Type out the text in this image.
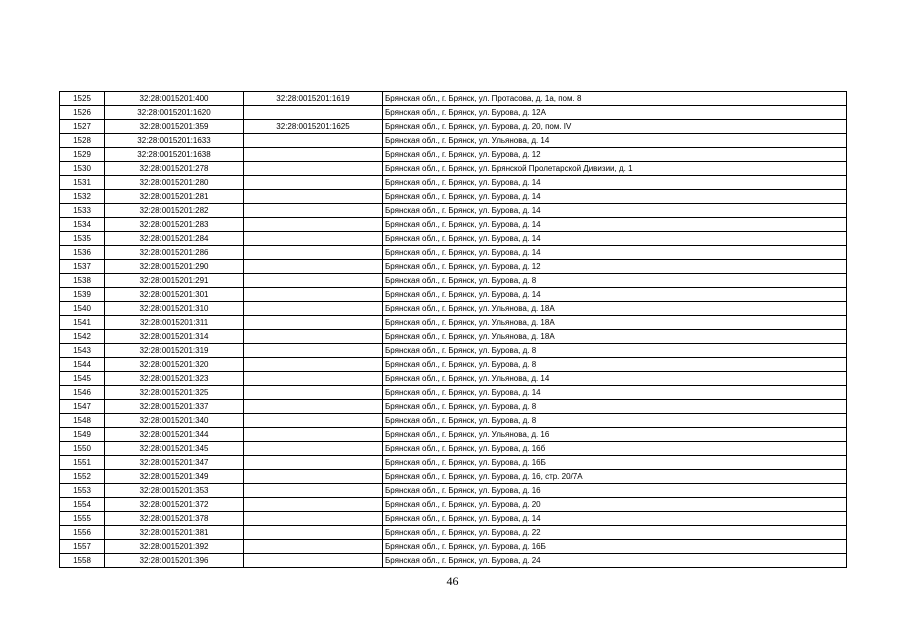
1525	32:28:0015201:400	32:28:0015201:1619	Брянская обл., г. Брянск, ул. Протасова, д. 1а, пом. 8
1526	32:28:0015201:1620		Брянская обл., г. Брянск, ул. Бурова, д. 12А
1527	32:28:0015201:359	32:28:0015201:1625	Брянская обл., г. Брянск, ул. Бурова, д. 20, пом. IV
1528	32:28:0015201:1633		Брянская обл., г. Брянск, ул. Ульянова, д. 14
1529	32:28:0015201:1638		Брянская обл., г. Брянск, ул. Бурова, д. 12
1530	32:28:0015201:278		Брянская обл., г. Брянск, ул. Брянской Пролетарской Дивизии, д. 1
1531	32:28:0015201:280		Брянская обл., г. Брянск, ул. Бурова, д. 14
1532	32:28:0015201:281		Брянская обл., г. Брянск, ул. Бурова, д. 14
1533	32:28:0015201:282		Брянская обл., г. Брянск, ул. Бурова, д. 14
1534	32:28:0015201:283		Брянская обл., г. Брянск, ул. Бурова, д. 14
1535	32:28:0015201:284		Брянская обл., г. Брянск, ул. Бурова, д. 14
1536	32:28:0015201:286		Брянская обл., г. Брянск, ул. Бурова, д. 14
1537	32:28:0015201:290		Брянская обл., г. Брянск, ул. Бурова, д. 12
1538	32:28:0015201:291		Брянская обл., г. Брянск, ул. Бурова, д. 8
1539	32:28:0015201:301		Брянская обл., г. Брянск, ул. Бурова, д. 14
1540	32:28:0015201:310		Брянская обл., г. Брянск, ул. Ульянова, д. 18А
1541	32:28:0015201:311		Брянская обл., г. Брянск, ул. Ульянова, д. 18А
1542	32:28:0015201:314		Брянская обл., г. Брянск, ул. Ульянова, д. 18А
1543	32:28:0015201:319		Брянская обл., г. Брянск, ул. Бурова, д. 8
1544	32:28:0015201:320		Брянская обл., г. Брянск, ул. Бурова, д. 8
1545	32:28:0015201:323		Брянская обл., г. Брянск, ул. Ульянова, д. 14
1546	32:28:0015201:325		Брянская обл., г. Брянск, ул. Бурова, д. 14
1547	32:28:0015201:337		Брянская обл., г. Брянск, ул. Бурова, д. 8
1548	32:28:0015201:340		Брянская обл., г. Брянск, ул. Бурова, д. 8
1549	32:28:0015201:344		Брянская обл., г. Брянск, ул. Ульянова, д. 16
1550	32:28:0015201:345		Брянская обл., г. Брянск, ул. Бурова, д. 16б
1551	32:28:0015201:347		Брянская обл., г. Брянск, ул. Бурова, д. 16Б
1552	32:28:0015201:349		Брянская обл., г. Брянск, ул. Бурова, д. 16, стр. 20/7А
1553	32:28:0015201:353		Брянская обл., г. Брянск, ул. Бурова, д. 16
1554	32:28:0015201:372		Брянская обл., г. Брянск, ул. Бурова, д. 20
1555	32:28:0015201:378		Брянская обл., г. Брянск, ул. Бурова, д. 14
1556	32:28:0015201:381		Брянская обл., г. Брянск, ул. Бурова, д. 22
1557	32:28:0015201:392		Брянская обл., г. Брянск, ул. Бурова, д. 16Б
1558	32:28:0015201:396		Брянская обл., г. Брянск, ул. Бурова, д. 24
46
